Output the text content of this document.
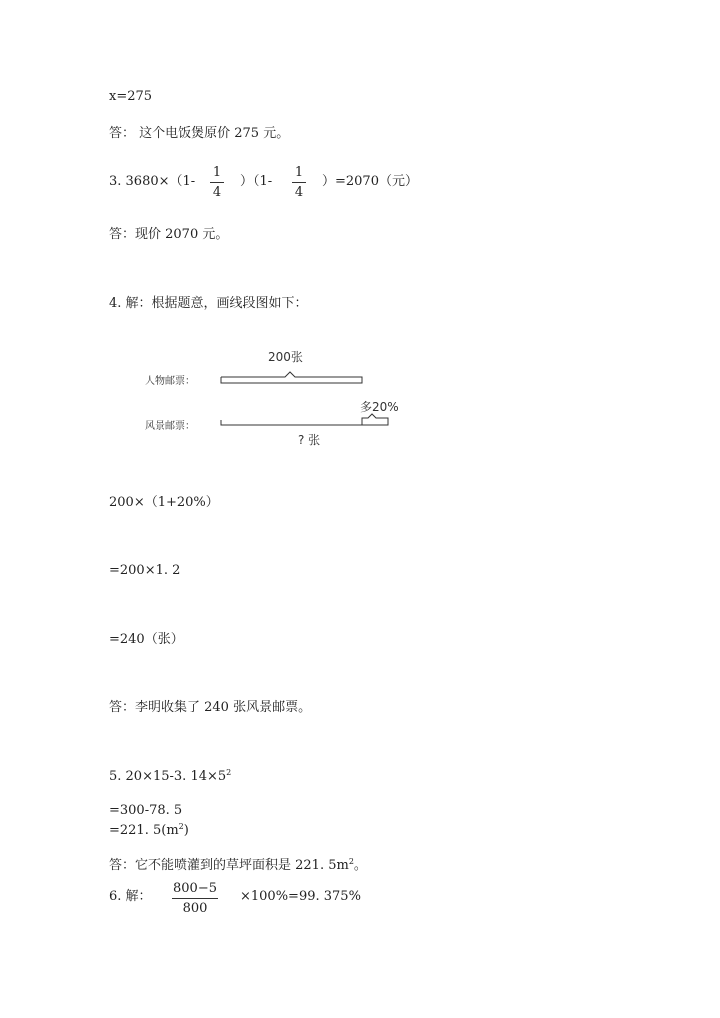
x=275
答： 这个电饭煲原价 275 元。
3. 3680×（1-
1
4
）（1-
1
4
）=2070（元）
答：现价 2070 元。
4. 解：根据题意，画线段图如下：
200张
人物邮票：
多20%
风景邮票：
? 张
200×（1+20%）
=200×1. 2
=240（张）
答：李明收集了 240 张风景邮票。
5. 20×15-3. $14\times 5^2$
=300-78. 5
=221. $5(m^2)$
答：它不能喷灌到的草坪面积是 221. $5m^2$。
6. 解：
800−5
800
×100%=99. 375%
